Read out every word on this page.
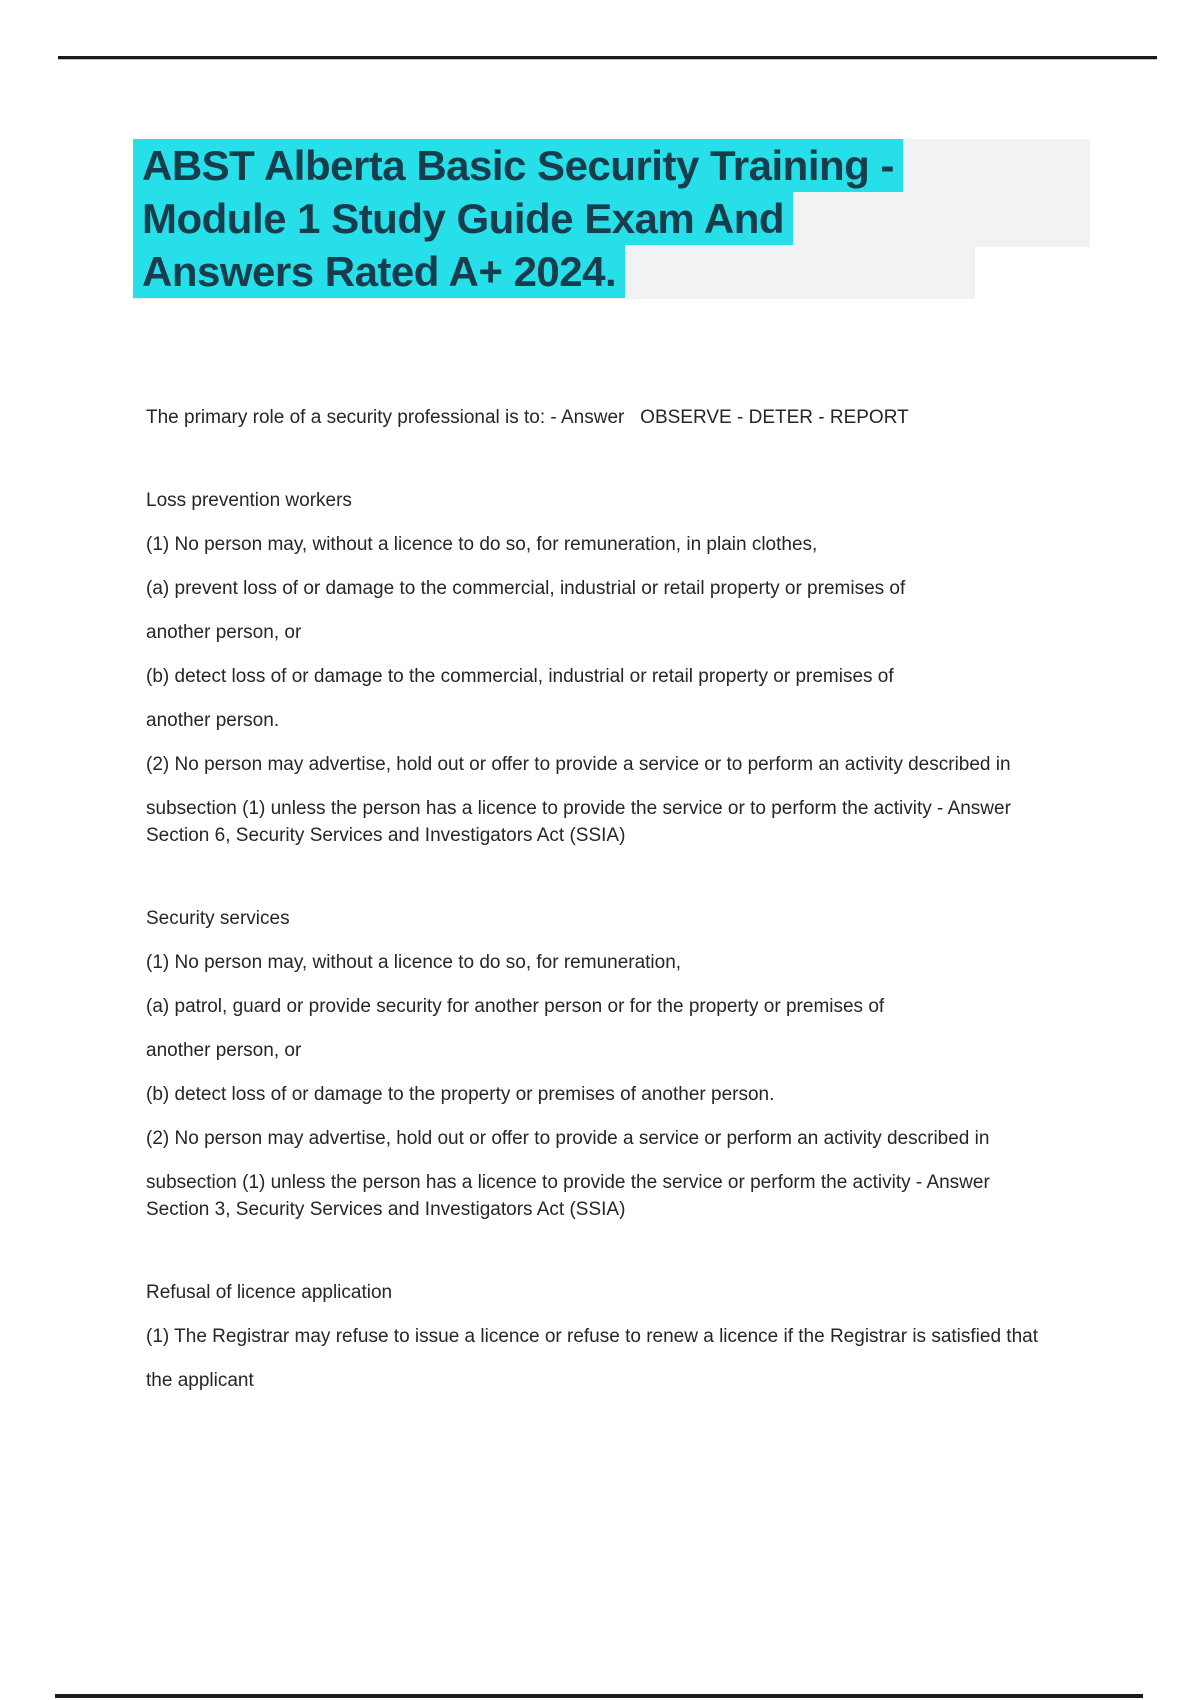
ABST Alberta Basic Security Training -
Module 1 Study Guide Exam And
Answers Rated A+ 2024.
The primary role of a security professional is to: - Answer   OBSERVE - DETER - REPORT
Loss prevention workers
(1) No person may, without a licence to do so, for remuneration, in plain clothes,
(a) prevent loss of or damage to the commercial, industrial or retail property or premises of
another person, or
(b) detect loss of or damage to the commercial, industrial or retail property or premises of
another person.
(2) No person may advertise, hold out or offer to provide a service or to perform an activity described in
subsection (1) unless the person has a licence to provide the service or to perform the activity - Answer
Section 6, Security Services and Investigators Act (SSIA)
Security services
(1) No person may, without a licence to do so, for remuneration,
(a) patrol, guard or provide security for another person or for the property or premises of
another person, or
(b) detect loss of or damage to the property or premises of another person.
(2) No person may advertise, hold out or offer to provide a service or perform an activity described in
subsection (1) unless the person has a licence to provide the service or perform the activity - Answer
Section 3, Security Services and Investigators Act (SSIA)
Refusal of licence application
(1) The Registrar may refuse to issue a licence or refuse to renew a licence if the Registrar is satisfied that
the applicant
